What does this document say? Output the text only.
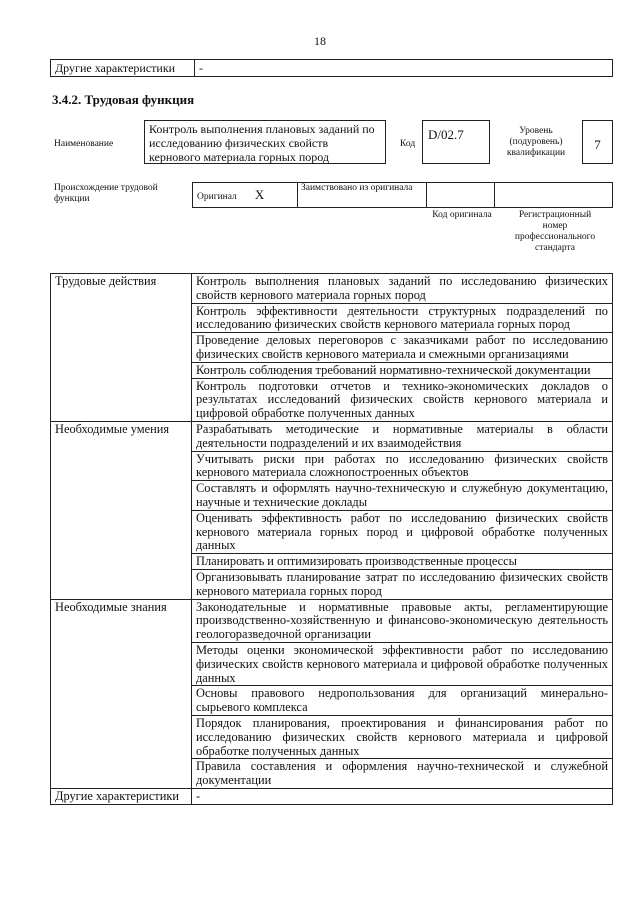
18
Другие характеристики	-
3.4.2. Трудовая функция
Наименование
Контроль выполнения плановых заданий по исследованию физических свойств кернового материала горных пород
Код
D/02.7	Уровень (подуровень) квалификации
7
Происхождение трудовой функции	Оригинал X	Заимствовано из оригинала		
Код оригинала	Регистрационный номер профессионального стандарта
Трудовые действия	Контроль выполнения плановых заданий по исследованию физических свойств кернового материала горных пород
	Контроль эффективности деятельности структурных подразделений по исследованию физических свойств кернового материала горных пород
	Проведение деловых переговоров с заказчиками работ по исследованию физических свойств кернового материала и смежными организациями
	Контроль соблюдения требований нормативно-технической документации
	Контроль подготовки отчетов и технико-экономических докладов о результатах исследований физических свойств кернового материала и цифровой обработке полученных данных
Необходимые умения	Разрабатывать методические и нормативные материалы в области деятельности подразделений и их взаимодействия
	Учитывать риски при работах по исследованию физических свойств кернового материала сложнопостроенных объектов
	Составлять и оформлять научно-техническую и служебную документацию, научные и технические доклады
	Оценивать эффективность работ по исследованию физических свойств кернового материала горных пород и цифровой обработке полученных данных
	Планировать и оптимизировать производственные процессы
	Организовывать планирование затрат по исследованию физических свойств кернового материала горных пород
Необходимые знания	Законодательные и нормативные правовые акты, регламентирующие производственно-хозяйственную и финансово-экономическую деятельность геологоразведочной организации
	Методы оценки экономической эффективности работ по исследованию физических свойств кернового материала и цифровой обработке полученных данных
	Основы правового недропользования для организаций минерально-сырьевого комплекса
	Порядок планирования, проектирования и финансирования работ по исследованию физических свойств кернового материала и цифровой обработке полученных данных
	Правила составления и оформления научно-технической и служебной документации
Другие характеристики	-
